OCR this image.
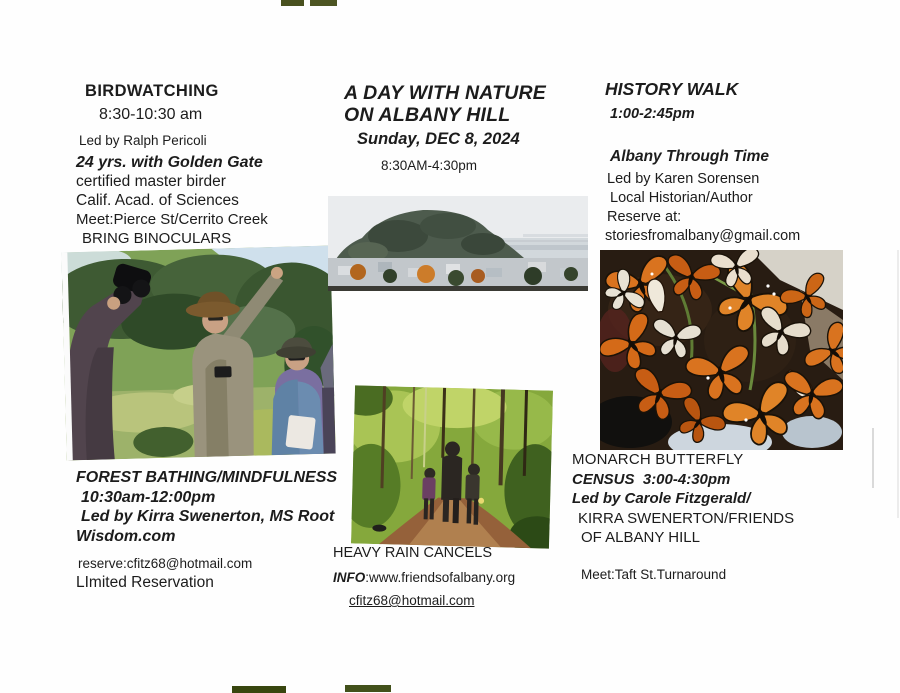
BIRDWATCHING
8:30-10:30 am
Led by Ralph Pericoli
24 yrs. with Golden Gate
certified master birder
Calif. Acad. of Sciences
Meet:Pierce St/Cerrito Creek
BRING BINOCULARS
A DAY WITH NATURE
ON ALBANY HILL
Sunday, DEC 8, 2024
8:30AM-4:30pm
HISTORY WALK
1:00-2:45pm
Albany Through Time
Led by Karen Sorensen
Local Historian/Author
Reserve at:
storiesfromalbany@gmail.com
FOREST BATHING/MINDFULNESS
10:30am-12:00pm
Led by Kirra Swenerton, MS Root
Wisdom.com
reserve:cfitz68@hotmail.com
LImited Reservation
HEAVY RAIN CANCELS
INFO:www.friendsofalbany.org
cfitz68@hotmail.com
MONARCH BUTTERFLY
CENSUS  3:00-4:30pm
Led by Carole Fitzgerald/
KIRRA SWENERTON/FRIENDS
OF ALBANY HILL
Meet:Taft St.Turnaround
